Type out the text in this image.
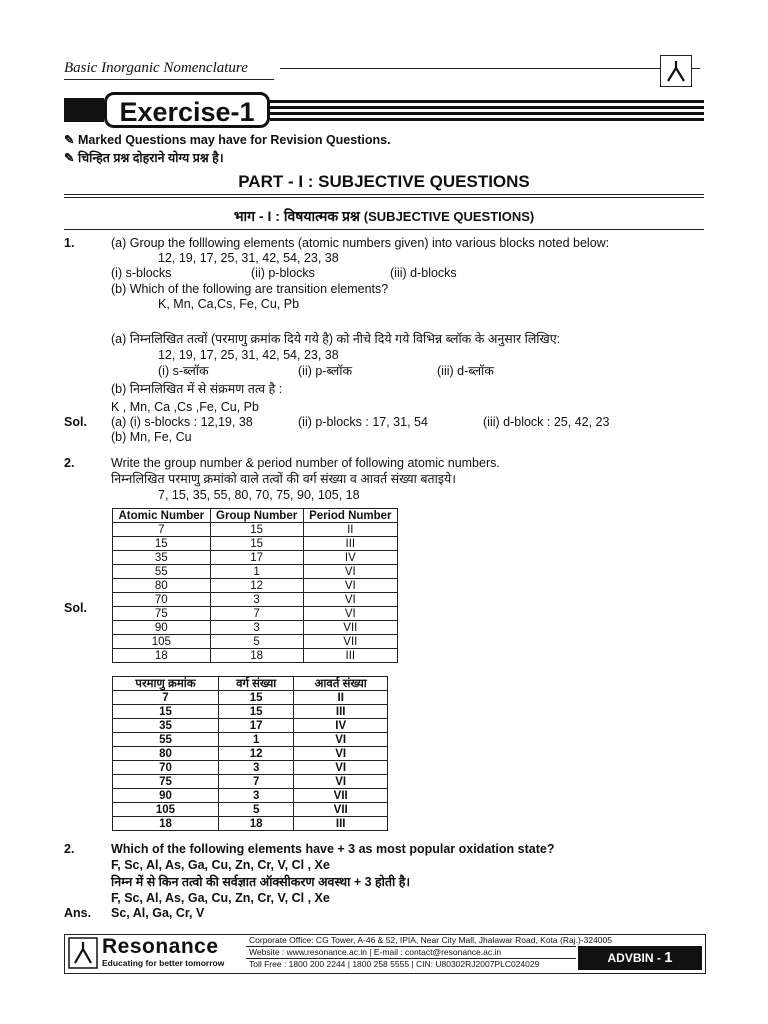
Basic Inorganic Nomenclature
Exercise-1
✎ Marked Questions may have for Revision Questions.
✎ चिन्हित प्रश्न दोहराने योग्य प्रश्न है।
PART - I : SUBJECTIVE QUESTIONS
भाग - I : विषयात्मक प्रश्न (SUBJECTIVE QUESTIONS)
1.	(a) Group the folllowing elements (atomic numbers given) into various blocks noted below:
12, 19, 17, 25, 31, 42, 54, 23, 38
(i) s-blocks	(ii) p-blocks	(iii) d-blocks
(b) Which of the following are transition elements?
K, Mn, Ca,Cs, Fe, Cu, Pb
(a) निम्नलिखित तत्वों (परमाणु क्रमांक दिये गये है) को नीचे दिये गये विभिन्न ब्लॉक के अनुसार लिखिए:
12, 19, 17, 25, 31, 42, 54, 23, 38
(i) s-ब्लॉक	(ii) p-ब्लॉक	(iii) d-ब्लॉक
(b) निम्नलिखित में से संक्रमण तत्व है :
K , Mn, Ca ,Cs ,Fe, Cu, Pb
Sol. (a) (i) s-blocks : 12,19, 38	(ii) p-blocks : 17, 31, 54	(iii) d-block : 25, 42, 23
(b) Mn, Fe, Cu
2.	Write the group number & period number of following atomic numbers.
निम्नलिखित परमाणु क्रमांको वाले तत्वों की वर्ग संख्या व आवर्त संख्या बताइये।
7, 15, 35, 55, 80, 70, 75, 90, 105, 18
Atomic Number	Group Number	Period Number
7	15	II
15	15	III
35	17	IV
55	1	VI
80	12	VI
70	3	VI
75	7	VI
90	3	VII
105	5	VII
18	18	III
Sol.
परमाणु क्रमांक	वर्ग संख्या	आवर्त संख्या
7	15	II
15	15	III
35	17	IV
55	1	VI
80	12	VI
70	3	VI
75	7	VI
90	3	VII
105	5	VII
18	18	III
2.	Which of the following elements have + 3 as most popular oxidation state?
F, Sc, Al, As, Ga, Cu, Zn, Cr, V, Cl , Xe
निम्न में से किन तत्वो की सर्वज्ञात ऑक्सीकरण अवस्था + 3 होती है।
F, Sc, Al, As, Ga, Cu, Zn, Cr, V, Cl , Xe
Ans. Sc, Al, Ga, Cr, V
Resonance
Educating for better tomorrow
Corporate Office: CG Tower, A-46 & 52, IPIA, Near City Mall, Jhalawar Road, Kota (Raj.)-324005
Website : www.resonance.ac.in | E-mail : contact@resonance.ac.in
Toll Free : 1800 200 2244 | 1800 258 5555 | CIN: U80302RJ2007PLC024029	ADVBIN - 1
